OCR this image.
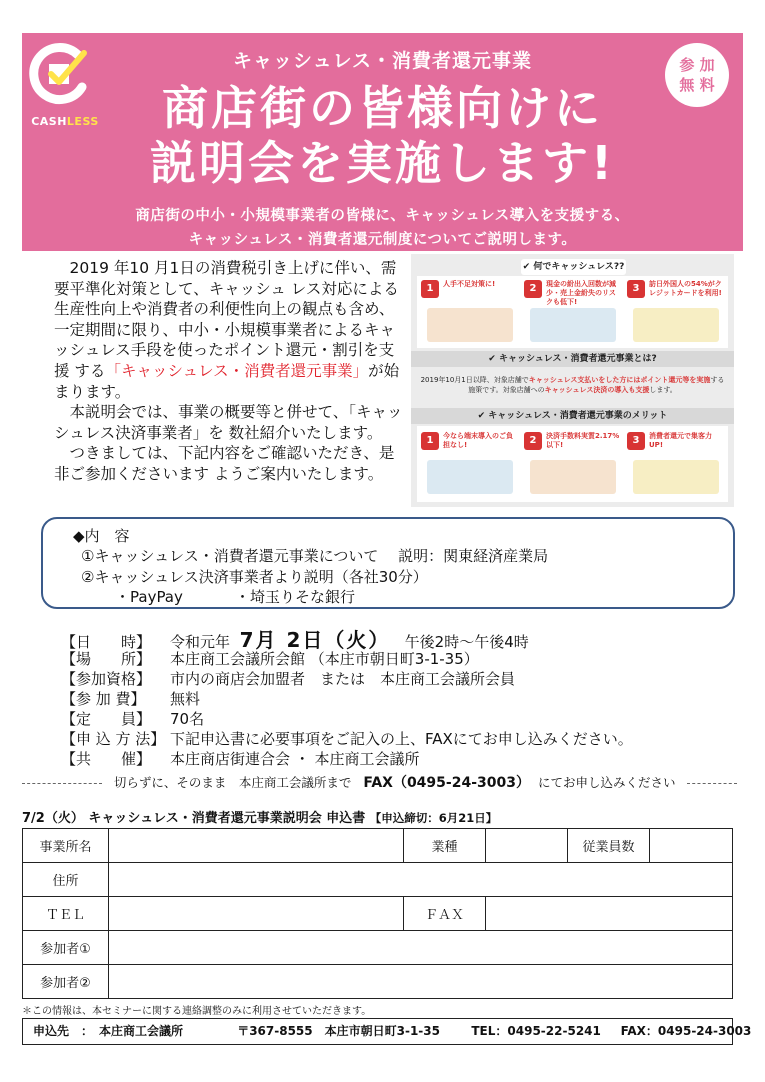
CASHLESS
キャッシュレス・消費者還元事業
商店街の皆様向けに
説明会を実施します!
参 加
無 料
商店街の中小・小規模事業者の皆様に、キャッシュレス導入を支援する、
キャッシュレス・消費者還元制度についてご説明します。

　2019 年10 月1日の消費税引き上げに伴い、需要平準化対策として、キャッシュ レス対応による生産性向上や消費者の利便性向上の観点も含め、一定期間に限り、中小・小規模事業者によるキャッシュレス手段を使ったポイント還元・割引を支援 する「キャッシュレス・消費者還元事業」が始まります。

　本説明会では、事業の概要等と併せて、「キャッシュレス決済事業者」を 数社紹介いたします。

　つきましては、下記内容をご確認いただき、是非ご参加くださいます ようご案内いたします。

1	人手不足対策に!	2	現金の紛出入回数が減少・売上金紛失のリスクも低下!
3	訪日外国人の54%がクレジットカードを利用!
✔ 何でキャッシュレス??
✔ キャッシュレス・消費者還元事業とは?
2019年10月1日以降、対象店舗でキャッシュレス支払いをした方にはポイント還元等を実施する施策です。対象店舗へのキャッシュレス決済の導入も支援します。
✔ キャッシュレス・消費者還元事業のメリット
1	今なら端末導入のご負担なし!	2	決済手数料実質2.17%以下!	3	消費者還元で集客力UP!
◆内　容
①キャッシュレス・消費者還元事業について　 説明：関東経済産業局
②キャッシュレス決済事業者より説明（各社30分）
・PayPay	・埼玉りそな銀行
【日　　時】 令和元年 7月 2日（火） 午後2時～午後4時
【場　　所】 本庄商工会議所会館 （本庄市朝日町3-1-35）
【参加資格】 市内の商店会加盟者　または　本庄商工会議所会員
【参 加 費】 無料
【定　　員】 70名
【申 込 方 法】 下記申込書に必要事項をご記入の上、FAXにてお申し込みください。
【共　　催】 本庄商店街連合会 ・ 本庄商工会議所
切らずに、そのまま　本庄商工会議所まで FAX（0495-24-3003） にてお申し込みください
7/2（火） キャッシュレス・消費者還元事業説明会 申込書 【申込締切：6月21日】
事業所名		業種		従業員数	
住所					
ＴＥＬ		ＦＡＸ			
参加者①					
参加者②					
＊この情報は、本セミナーに関する連絡調整のみに利用させていただきます。
申込先　：　本庄商工会議所	〒367-8555　本庄市朝日町3-1-35	TEL：0495-22-5241 FAX：0495-24-3003
